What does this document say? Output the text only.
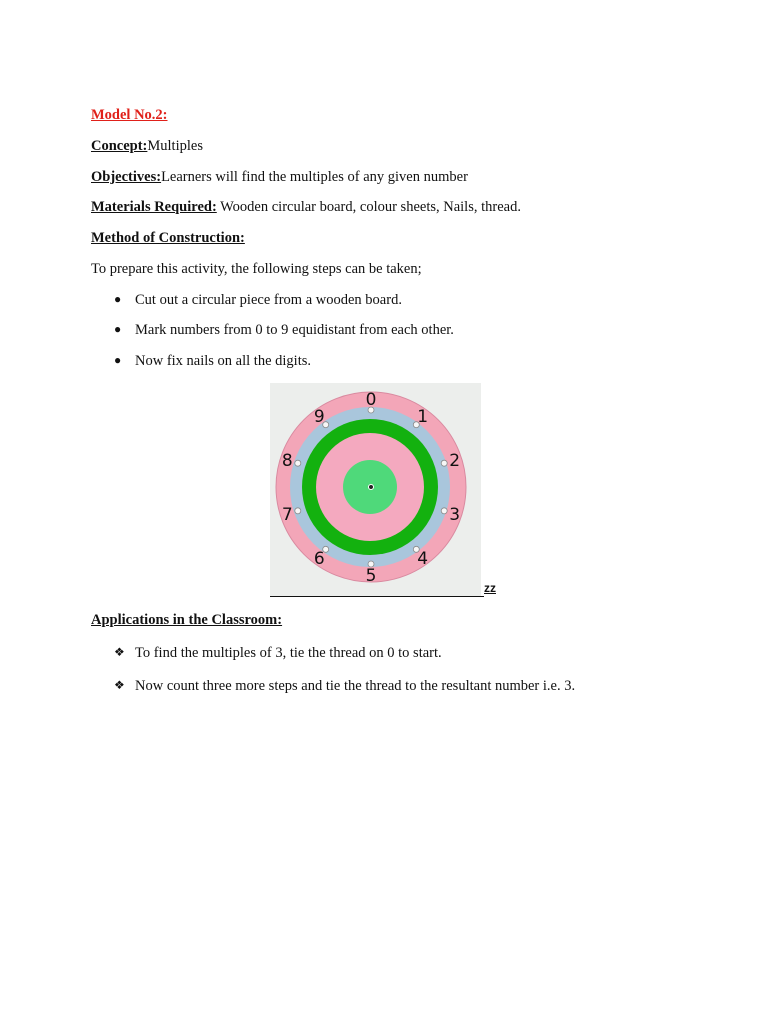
Model No.2:
Concept:Multiples
Objectives:Learners will find the multiples of any given number
Materials Required: Wooden circular board, colour sheets, Nails, thread.
Method of Construction:
To prepare this activity, the following steps can be taken;
● Cut out a circular piece from a wooden board.
● Mark numbers from 0 to 9 equidistant from each other.
● Now fix nails on all the digits.
0
1
2
3
4
5
6
7
8
9
zz
Applications in the Classroom:
❖ To find the multiples of 3, tie the thread on 0 to start.
❖ Now count three more steps and tie the thread to the resultant number i.e. 3.
